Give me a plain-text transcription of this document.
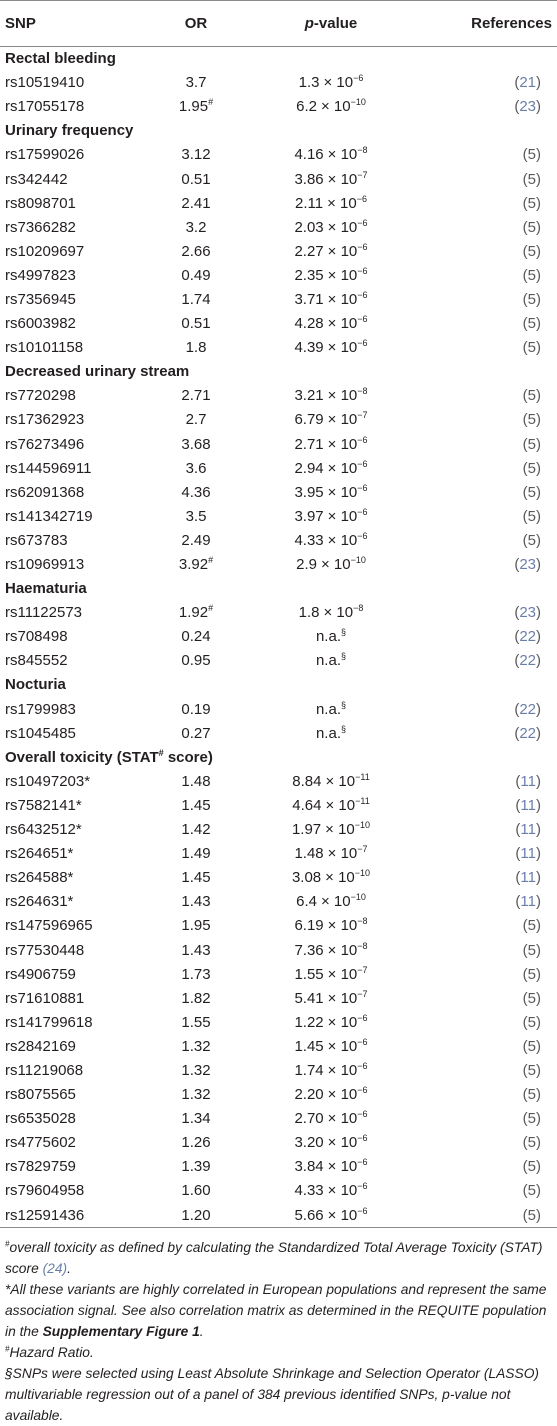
SNP	OR	p-value	References
Rectal bleeding			
rs10519410	3.7	$1.3 \times 10^{-6}$	(21)
rs17055178	1.95#	$6.2 \times 10^{-10}$	(23)
Urinary frequency			
rs17599026	3.12	$4.16 \times 10^{-8}$	(5)
rs342442	0.51	$3.86 \times 10^{-7}$	(5)
rs8098701	2.41	$2.11 \times 10^{-6}$	(5)
rs7366282	3.2	$2.03 \times 10^{-6}$	(5)
rs10209697	2.66	$2.27 \times 10^{-6}$	(5)
rs4997823	0.49	$2.35 \times 10^{-6}$	(5)
rs7356945	1.74	$3.71 \times 10^{-6}$	(5)
rs6003982	0.51	$4.28 \times 10^{-6}$	(5)
rs10101158	1.8	$4.39 \times 10^{-6}$	(5)
Decreased urinary stream			
rs7720298	2.71	$3.21 \times 10^{-8}$	(5)
rs17362923	2.7	$6.79 \times 10^{-7}$	(5)
rs76273496	3.68	$2.71 \times 10^{-6}$	(5)
rs144596911	3.6	$2.94 \times 10^{-6}$	(5)
rs62091368	4.36	$3.95 \times 10^{-6}$	(5)
rs141342719	3.5	$3.97 \times 10^{-6}$	(5)
rs673783	2.49	$4.33 \times 10^{-6}$	(5)
rs10969913	3.92#	$2.9 \times 10^{-10}$	(23)
Haematuria			
rs11122573	1.92#	$1.8 \times 10^{-8}$	(23)
rs708498	0.24	n.a.§	(22)
rs845552	0.95	n.a.§	(22)
Nocturia			
rs1799983	0.19	n.a.§	(22)
rs1045485	0.27	n.a.§	(22)
Overall toxicity (STAT# score)			
rs10497203*	1.48	$8.84 \times 10^{-11}$	(11)
rs7582141*	1.45	$4.64 \times 10^{-11}$	(11)
rs6432512*	1.42	$1.97 \times 10^{-10}$	(11)
rs264651*	1.49	$1.48 \times 10^{-7}$	(11)
rs264588*	1.45	$3.08 \times 10^{-10}$	(11)
rs264631*	1.43	$6.4 \times 10^{-10}$	(11)
rs147596965	1.95	$6.19 \times 10^{-8}$	(5)
rs77530448	1.43	$7.36 \times 10^{-8}$	(5)
rs4906759	1.73	$1.55 \times 10^{-7}$	(5)
rs71610881	1.82	$5.41 \times 10^{-7}$	(5)
rs141799618	1.55	$1.22 \times 10^{-6}$	(5)
rs2842169	1.32	$1.45 \times 10^{-6}$	(5)
rs11219068	1.32	$1.74 \times 10^{-6}$	(5)
rs8075565	1.32	$2.20 \times 10^{-6}$	(5)
rs6535028	1.34	$2.70 \times 10^{-6}$	(5)
rs4775602	1.26	$3.20 \times 10^{-6}$	(5)
rs7829759	1.39	$3.84 \times 10^{-6}$	(5)
rs79604958	1.60	$4.33 \times 10^{-6}$	(5)
rs12591436	1.20	$5.66 \times 10^{-6}$	(5)

#overall toxicity as defined by calculating the Standardized Total Average Toxicity (STAT) score (24).

*All these variants are highly correlated in European populations and represent the same association signal. See also correlation matrix as determined in the REQUITE population in the Supplementary Figure 1.

#Hazard Ratio.

§SNPs were selected using Least Absolute Shrinkage and Selection Operator (LASSO) multivariable regression out of a panel of 384 previous identified SNPs, p-value not available.
